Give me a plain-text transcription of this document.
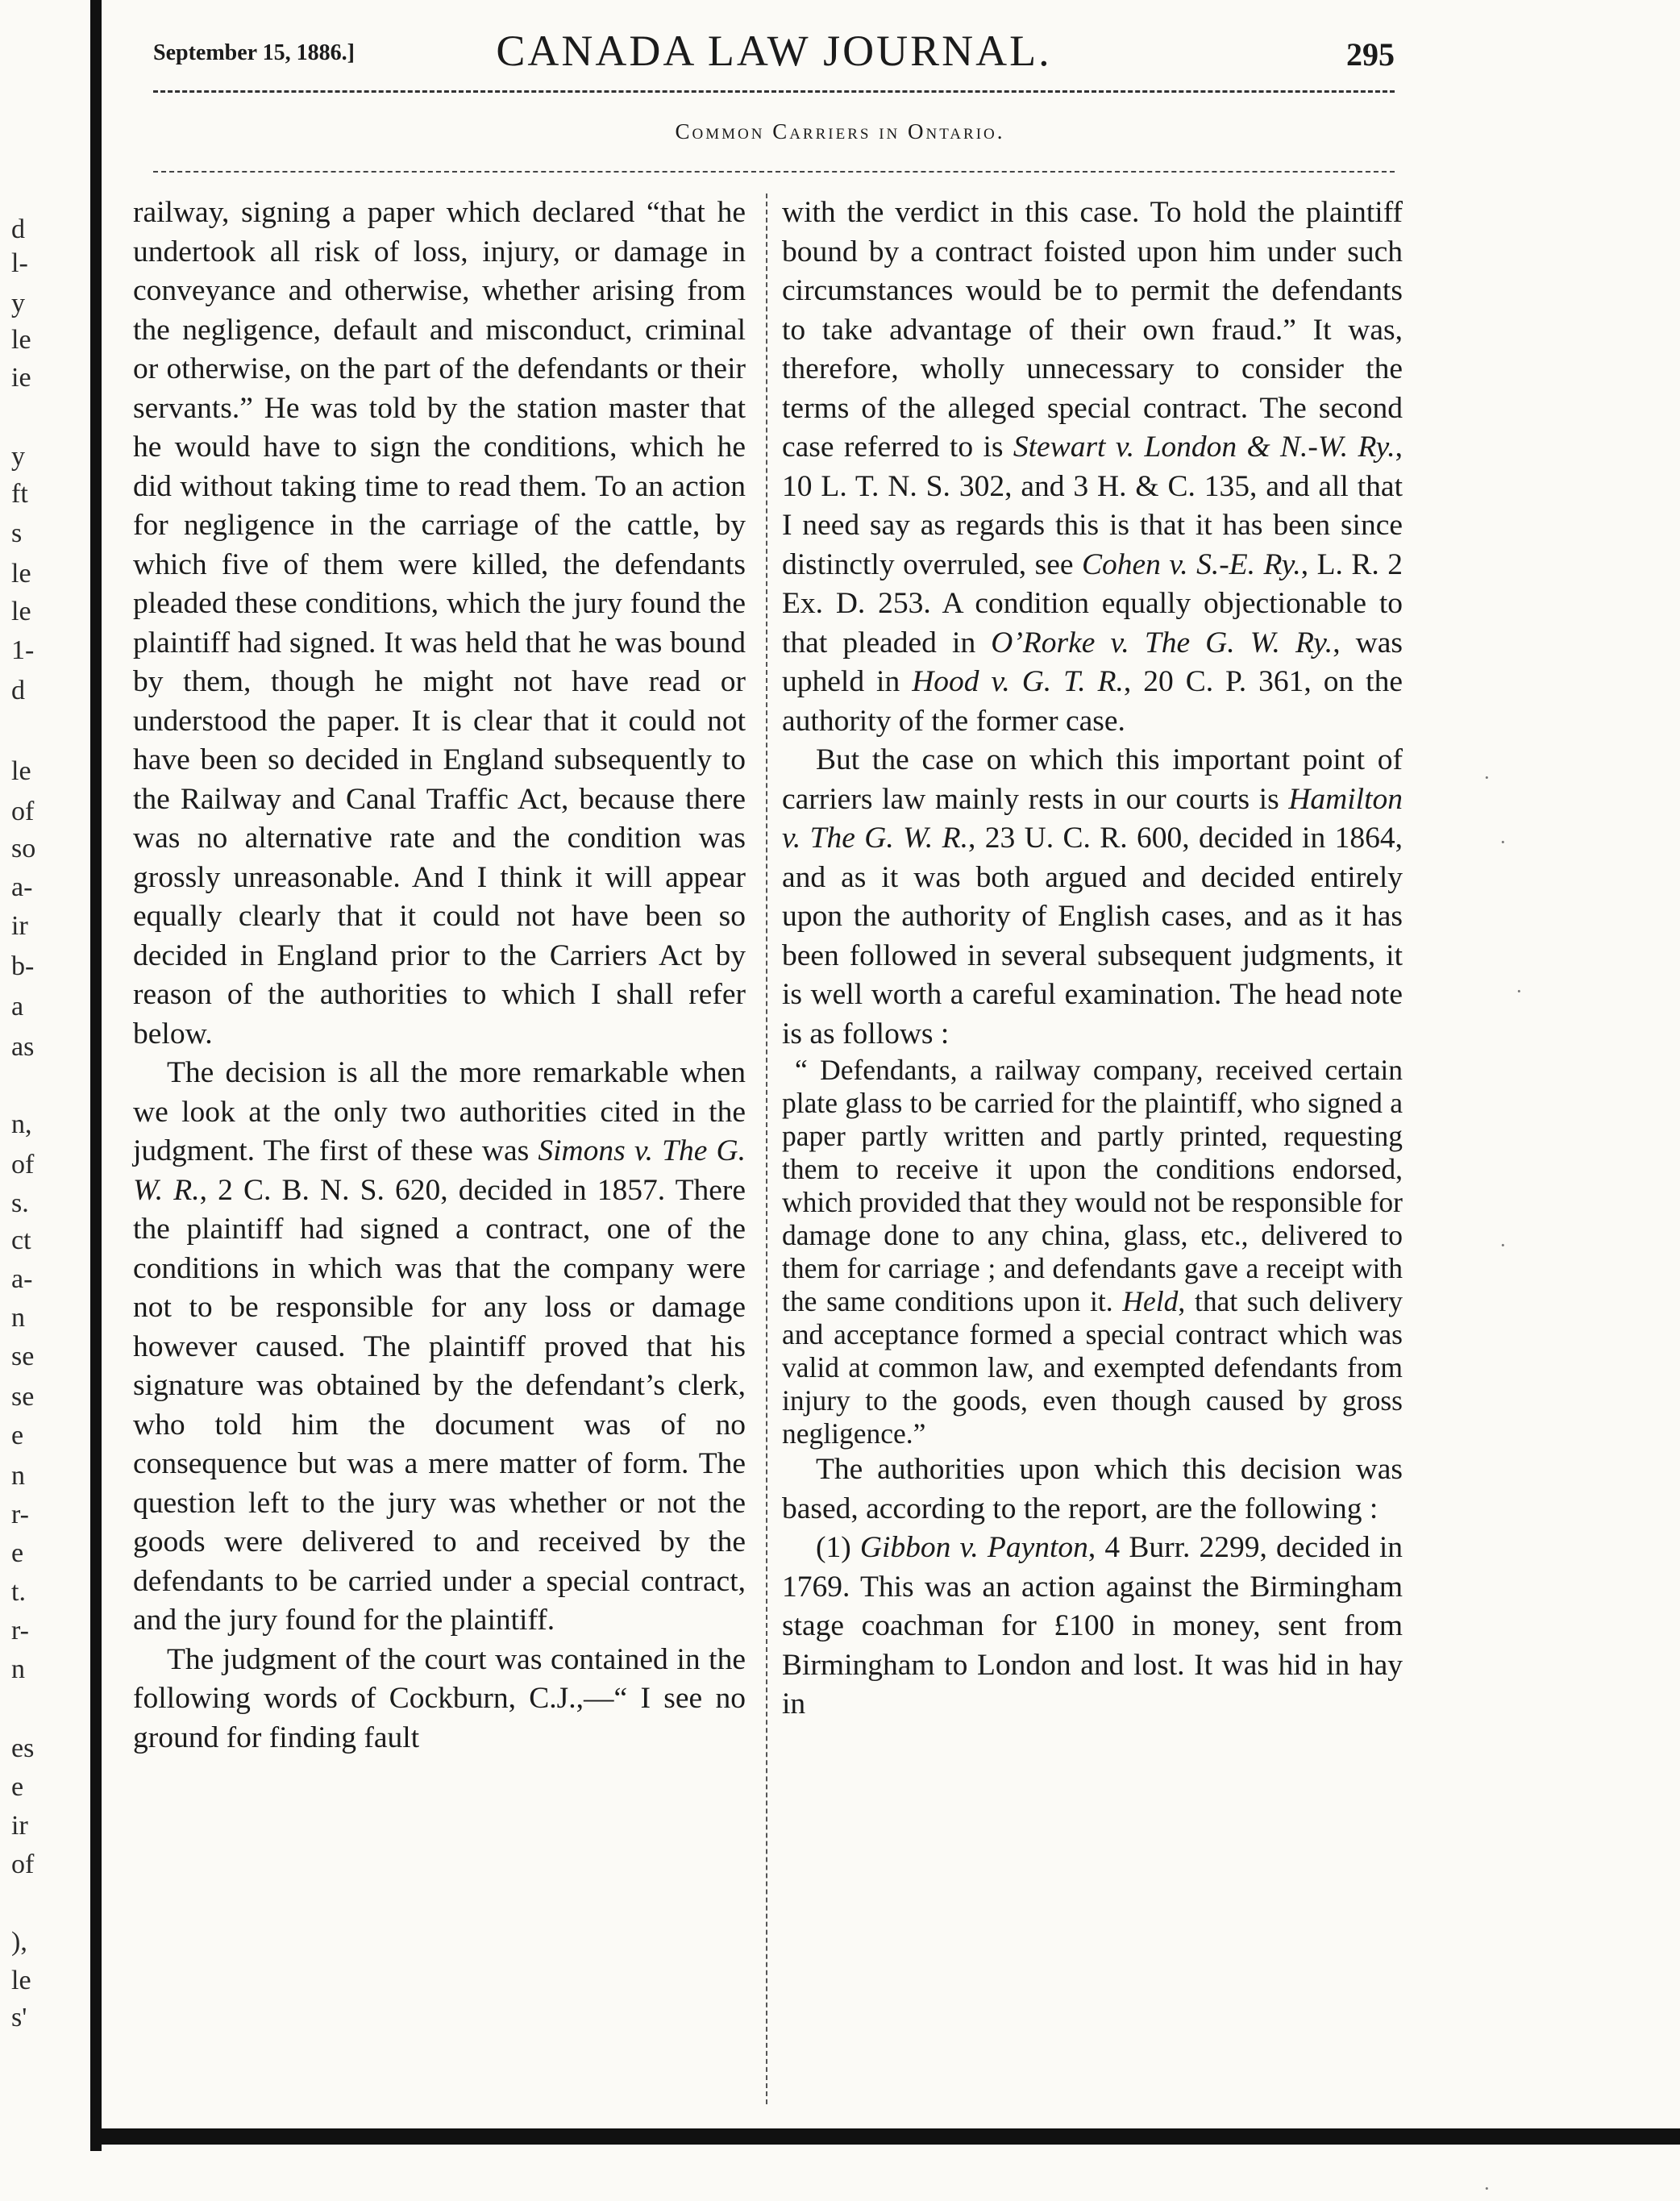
d
l-
y
le
ie
y
ft
s
le
le
1-
d
le
of
so
a-
ir
b-
a
as
n,
of
s.
ct
a-
n
se
se
e
n
r-
e
t.
r-
n
es
e
ir
of
),
le
s'
September 15, 1886.]	CANADA LAW JOURNAL.	295
Common Carriers in Ontario.

railway, signing a paper which declared “that he undertook all risk of loss, injury, or damage in conveyance and otherwise, whether arising from the negligence, default and misconduct, criminal or otherwise, on the part of the defendants or their servants.” He was told by the station master that he would have to sign the conditions, which he did without taking time to read them. To an action for negligence in the carriage of the cattle, by which five of them were killed, the defendants pleaded these conditions, which the jury found the plaintiff had signed. It was held that he was bound by them, though he might not have read or understood the paper. It is clear that it could not have been so decided in England subsequently to the Railway and Canal Traffic Act, because there was no alternative rate and the condition was grossly unreasonable. And I think it will appear equally clearly that it could not have been so decided in England prior to the Carriers Act by reason of the authorities to which I shall refer below.

The decision is all the more remarkable when we look at the only two authorities cited in the judgment. The first of these was Simons v. The G. W. R., 2 C. B. N. S. 620, decided in 1857. There the plaintiff had signed a contract, one of the conditions in which was that the company were not to be responsible for any loss or damage however caused. The plaintiff proved that his signature was obtained by the defendant’s clerk, who told him the document was of no consequence but was a mere matter of form. The question left to the jury was whether or not the goods were delivered to and received by the defendants to be carried under a special contract, and the jury found for the plaintiff.

The judgment of the court was contained in the following words of Cockburn, C.J.,—“ I see no ground for finding fault

with the verdict in this case. To hold the plaintiff bound by a contract foisted upon him under such circumstances would be to permit the defendants to take advantage of their own fraud.” It was, therefore, wholly unnecessary to consider the terms of the alleged special contract. The second case referred to is Stewart v. London & N.-W. Ry., 10 L. T. N. S. 302, and 3 H. & C. 135, and all that I need say as regards this is that it has been since distinctly overruled, see Cohen v. S.-E. Ry., L. R. 2 Ex. D. 253. A condition equally objectionable to that pleaded in O’Rorke v. The G. W. Ry., was upheld in Hood v. G. T. R., 20 C. P. 361, on the authority of the former case.

But the case on which this important point of carriers law mainly rests in our courts is Hamilton v. The G. W. R., 23 U. C. R. 600, decided in 1864, and as it was both argued and decided entirely upon the authority of English cases, and as it has been followed in several subsequent judgments, it is well worth a careful examination. The head note is as follows :

“ Defendants, a railway company, received certain plate glass to be carried for the plaintiff, who signed a paper partly written and partly printed, requesting them to receive it upon the conditions endorsed, which provided that they would not be responsible for damage done to any china, glass, etc., delivered to them for carriage ; and defendants gave a receipt with the same conditions upon it. Held, that such delivery and acceptance formed a special contract which was valid at common law, and exempted defendants from injury to the goods, even though caused by gross negligence.”

The authorities upon which this decision was based, according to the report, are the following :

(1) Gibbon v. Paynton, 4 Burr. 2299, decided in 1769. This was an action against the Birmingham stage coachman for £100 in money, sent from Birmingham to London and lost. It was hid in hay in

·
·
·
·
·
